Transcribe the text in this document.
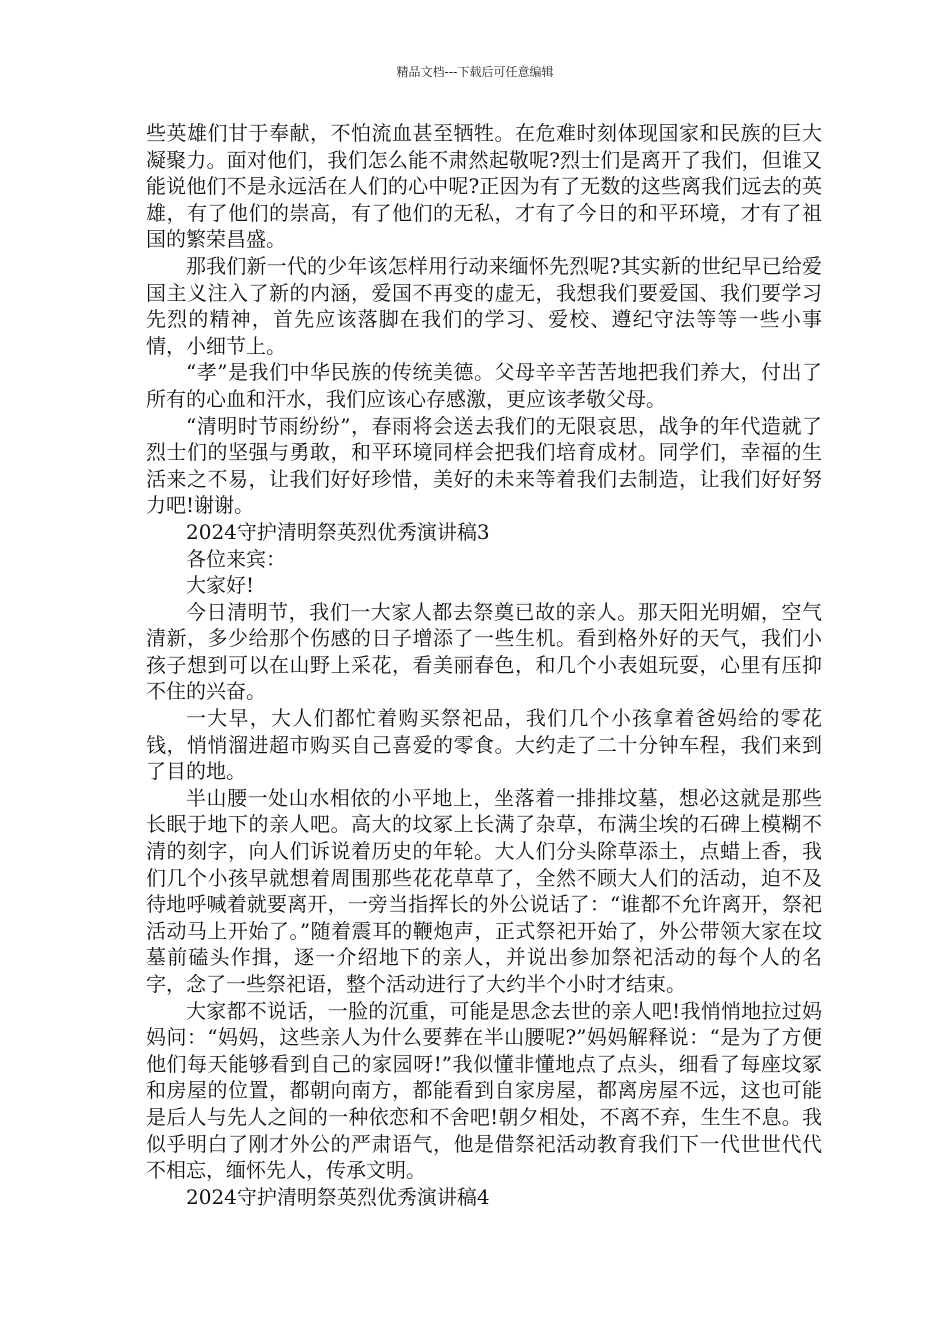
精品文档---下载后可任意编辑

些英雄们甘于奉献，不怕流血甚至牺牲。在危难时刻体现国家和民族的巨大凝聚力。面对他们，我们怎么能不肃然起敬呢?烈士们是离开了我们，但谁又能说他们不是永远活在人们的心中呢?正因为有了无数的这些离我们远去的英雄，有了他们的崇高，有了他们的无私，才有了今日的和平环境，才有了祖国的繁荣昌盛。

那我们新一代的少年该怎样用行动来缅怀先烈呢?其实新的世纪早已给爱国主义注入了新的内涵，爱国不再变的虚无，我想我们要爱国、我们要学习先烈的精神，首先应该落脚在我们的学习、爱校、遵纪守法等等一些小事情，小细节上。

“孝”是我们中华民族的传统美德。父母辛辛苦苦地把我们养大，付出了所有的心血和汗水，我们应该心存感激，更应该孝敬父母。

“清明时节雨纷纷”，春雨将会送去我们的无限哀思，战争的年代造就了烈士们的坚强与勇敢，和平环境同样会把我们培育成材。同学们，幸福的生活来之不易，让我们好好珍惜，美好的未来等着我们去制造，让我们好好努力吧!谢谢。

2024守护清明祭英烈优秀演讲稿3

各位来宾：

大家好!

今日清明节，我们一大家人都去祭奠已故的亲人。那天阳光明媚，空气清新，多少给那个伤感的日子增添了一些生机。看到格外好的天气，我们小孩子想到可以在山野上采花，看美丽春色，和几个小表姐玩耍，心里有压抑不住的兴奋。

一大早，大人们都忙着购买祭祀品，我们几个小孩拿着爸妈给的零花钱，悄悄溜进超市购买自己喜爱的零食。大约走了二十分钟车程，我们来到了目的地。

半山腰一处山水相依的小平地上，坐落着一排排坟墓，想必这就是那些长眠于地下的亲人吧。高大的坟冢上长满了杂草，布满尘埃的石碑上模糊不清的刻字，向人们诉说着历史的年轮。大人们分头除草添土，点蜡上香，我们几个小孩早就想着周围那些花花草草了，全然不顾大人们的活动，迫不及待地呼喊着就要离开，一旁当指挥长的外公说话了：“谁都不允许离开，祭祀活动马上开始了。”随着震耳的鞭炮声，正式祭祀开始了，外公带领大家在坟墓前磕头作揖，逐一介绍地下的亲人，并说出参加祭祀活动的每个人的名字，念了一些祭祀语，整个活动进行了大约半个小时才结束。

大家都不说话，一脸的沉重，可能是思念去世的亲人吧!我悄悄地拉过妈妈问：“妈妈，这些亲人为什么要葬在半山腰呢?”妈妈解释说：“是为了方便他们每天能够看到自己的家园呀!”我似懂非懂地点了点头，细看了每座坟冢和房屋的位置，都朝向南方，都能看到自家房屋，都离房屋不远，这也可能是后人与先人之间的一种依恋和不舍吧!朝夕相处，不离不弃，生生不息。我似乎明白了刚才外公的严肃语气，他是借祭祀活动教育我们下一代世世代代不相忘，缅怀先人，传承文明。

2024守护清明祭英烈优秀演讲稿4
